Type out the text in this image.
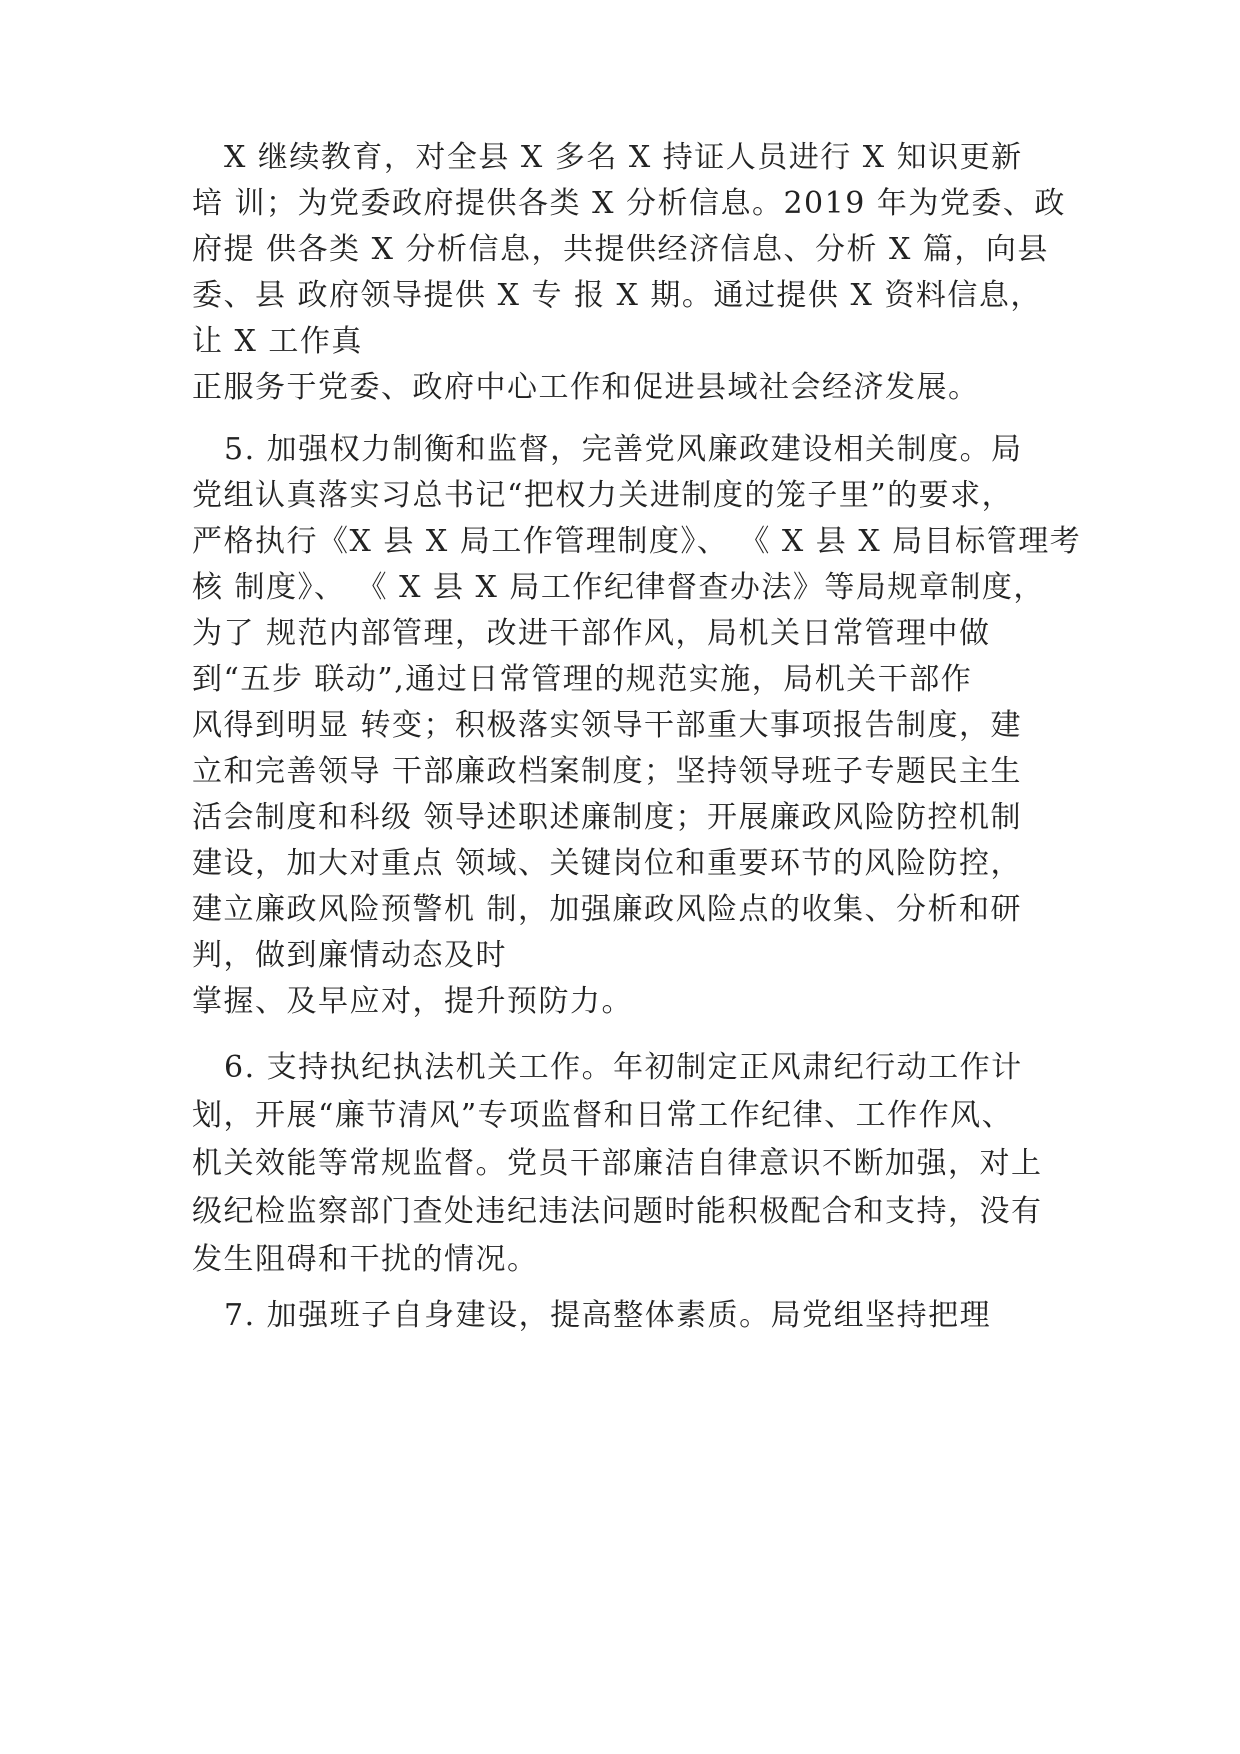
X 继续教育，对全县 X 多名 X 持证人员进行 X 知识更新
培 训；为党委政府提供各类 X 分析信息。2019 年为党委、政
府提 供各类 X 分析信息，共提供经济信息、分析 X 篇，向县
委、县 政府领导提供 X 专 报 X 期。通过提供 X 资料信息，
让 X 工作真
正服务于党委、政府中心工作和促进县域社会经济发展。
5. 加强权力制衡和监督，完善党风廉政建设相关制度。局
党组认真落实习总书记“把权力关进制度的笼子里”的要求，
严格执行《X 县 X 局工作管理制度》、 《 X 县 X 局目标管理考
核 制度》、 《 X 县 X 局工作纪律督查办法》等局规章制度，
为了 规范内部管理，改进干部作风，局机关日常管理中做
到“五步 联动”,通过日常管理的规范实施，局机关干部作
风得到明显 转变；积极落实领导干部重大事项报告制度，建
立和完善领导 干部廉政档案制度；坚持领导班子专题民主生
活会制度和科级 领导述职述廉制度；开展廉政风险防控机制
建设，加大对重点 领域、关键岗位和重要环节的风险防控，
建立廉政风险预警机 制，加强廉政风险点的收集、分析和研
判，做到廉情动态及时
掌握、及早应对，提升预防力。
6. 支持执纪执法机关工作。年初制定正风肃纪行动工作计
划，开展“廉节清风”专项监督和日常工作纪律、工作作风、
机关效能等常规监督。党员干部廉洁自律意识不断加强，对上
级纪检监察部门查处违纪违法问题时能积极配合和支持，没有
发生阻碍和干扰的情况。
7. 加强班子自身建设，提高整体素质。局党组坚持把理
